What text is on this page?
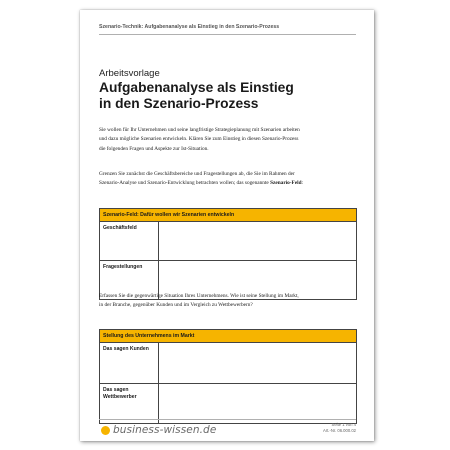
Szenario-Technik: Aufgabenanalyse als Einstieg in den Szenario-Prozess
Arbeitsvorlage
Aufgabenanalyse als Einstieg
in den Szenario-Prozess

Sie wollen für Ihr Unternehmen und seine langfristige Strategieplanung mit Szenarien arbeiten und dazu mögliche Szenarien entwickeln. Klären Sie zum Einstieg in diesen Szenario-Prozess die folgenden Fragen und Aspekte zur Ist-Situation.

Grenzen Sie zunächst die Geschäftsbereiche und Fragestellungen ab, die Sie im Rahmen der Szenario-Analyse und Szenario-Entwicklung betrachten wollen; das sogenannte Szenario-Feld:

Szenario-Feld: Dafür wollen wir Szenarien entwickeln
Geschäftsfeld
Fragestellungen

Erfassen Sie die gegenwärtige Situation Ihres Unternehmens. Wie ist seine Stellung im Markt, in der Branche, gegenüber Kunden und im Vergleich zu Wettbewerbern?

Stellung des Unternehmens im Markt
Das sagen Kunden
Das sagen Wettbewerber
business-wissen.de	Seite 1 von 4
Art.-Nr. 06.000.02
